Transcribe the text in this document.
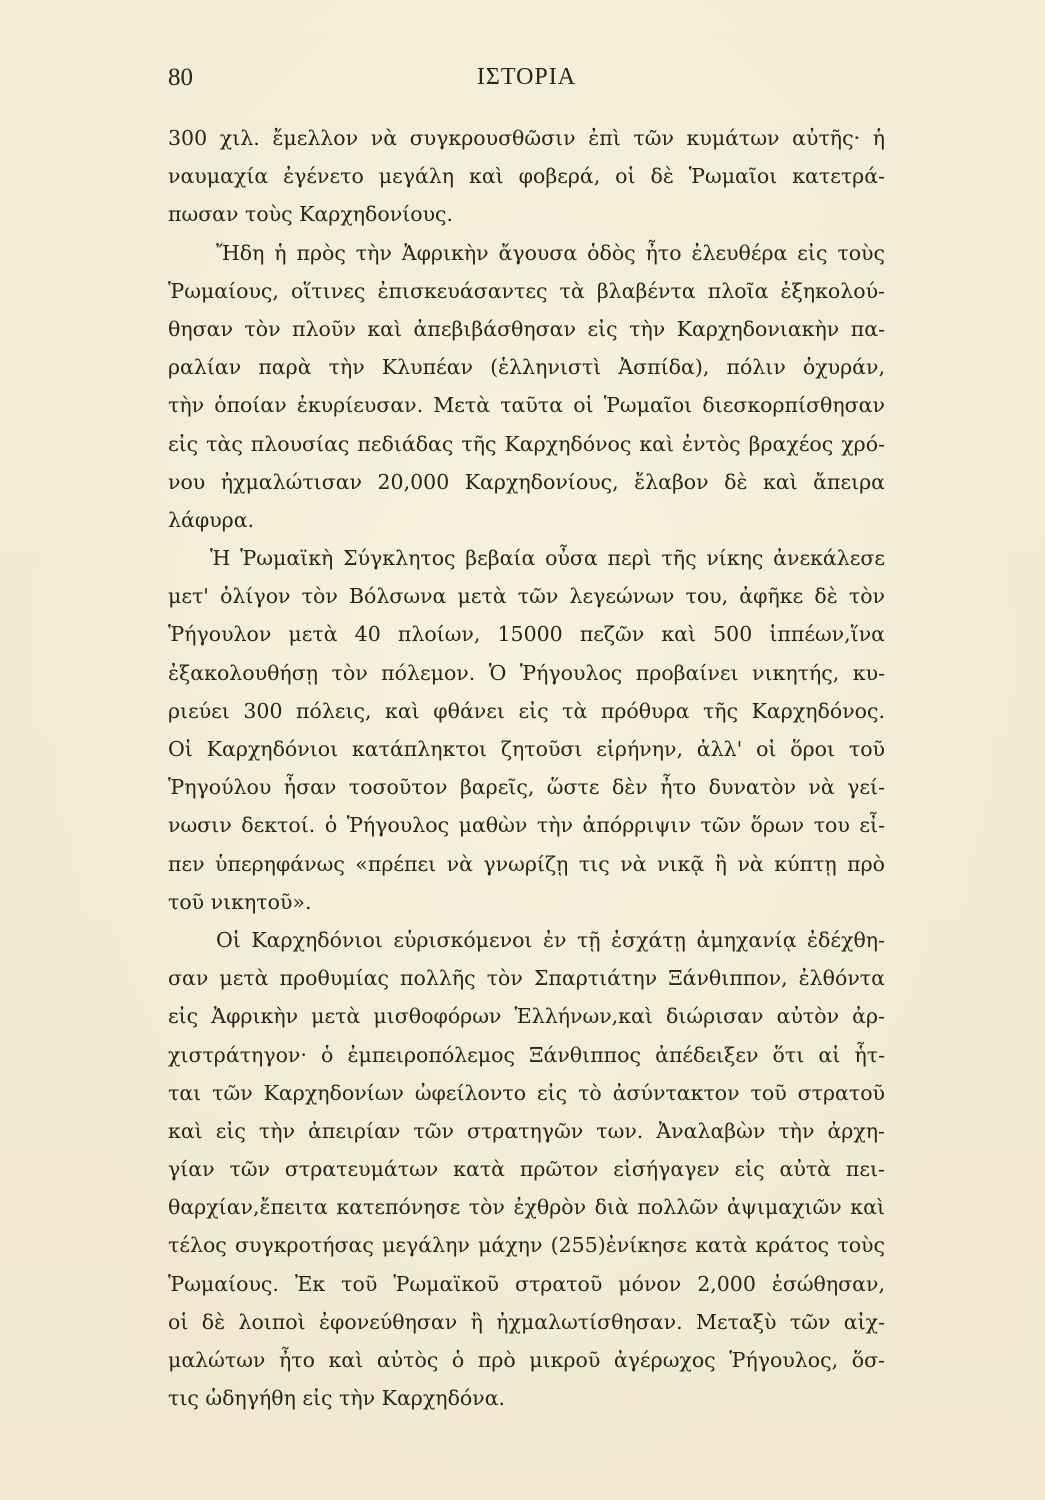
80	ΙΣΤΟΡΙΑ
300 χιλ. ἔμελλον νὰ συγκρουσθῶσιν ἐπὶ τῶν κυμάτων αὐτῆς· ἡ
ναυμαχία ἐγένετο μεγάλη καὶ φοβερά, οἱ δὲ Ῥωμαῖοι κατετρά-
πωσαν τοὺς Καρχηδονίους.
Ἤδη ἡ πρὸς τὴν Ἀφρικὴν ἄγουσα ὁδὸς ἦτο ἐλευθέρα εἰς τοὺς
Ῥωμαίους, οἵτινες ἐπισκευάσαντες τὰ βλαβέντα πλοῖα ἐξηκολού-
θησαν τὸν πλοῦν καὶ ἀπεβιβάσθησαν εἰς τὴν Καρχηδονιακὴν πα-
ραλίαν παρὰ τὴν Κλυπέαν (ἑλληνιστὶ Ἀσπίδα), πόλιν ὀχυράν,
τὴν ὁποίαν ἐκυρίευσαν. Μετὰ ταῦτα οἱ Ῥωμαῖοι διεσκορπίσθησαν
εἰς τὰς πλουσίας πεδιάδας τῆς Καρχηδόνος καὶ ἐντὸς βραχέος χρό-
νου ἠχμαλώτισαν 20,000 Καρχηδονίους, ἔλαβον δὲ καὶ ἄπειρα
λάφυρα.
Ἡ Ῥωμαϊκὴ Σύγκλητος βεβαία οὖσα περὶ τῆς νίκης ἀνεκάλεσε
μετ' ὀλίγον τὸν Βόλσωνα μετὰ τῶν λεγεώνων του, ἀφῆκε δὲ τὸν
Ῥήγουλον μετὰ 40 πλοίων, 15000 πεζῶν καὶ 500 ἱππέων,ἵνα
ἐξακολουθήσῃ τὸν πόλεμον. Ὁ Ῥήγουλος προβαίνει νικητής, κυ-
ριεύει 300 πόλεις, καὶ φθάνει εἰς τὰ πρόθυρα τῆς Καρχηδόνος.
Οἱ Καρχηδόνιοι κατάπληκτοι ζητοῦσι εἰρήνην, ἀλλ' οἱ ὅροι τοῦ
Ῥηγούλου ἦσαν τοσοῦτον βαρεῖς, ὥστε δὲν ἦτο δυνατὸν νὰ γεί-
νωσιν δεκτοί. ὁ Ῥήγουλος μαθὼν τὴν ἀπόρριψιν τῶν ὅρων του εἶ-
πεν ὑπερηφάνως «πρέπει νὰ γνωρίζῃ τις νὰ νικᾷ ἢ νὰ κύπτῃ πρὸ
τοῦ νικητοῦ».
Οἱ Καρχηδόνιοι εὑρισκόμενοι ἐν τῇ ἐσχάτῃ ἀμηχανίᾳ ἐδέχθη-
σαν μετὰ προθυμίας πολλῆς τὸν Σπαρτιάτην Ξάνθιππον, ἐλθόντα
εἰς Ἀφρικὴν μετὰ μισθοφόρων Ἑλλήνων,καὶ διώρισαν αὐτὸν ἀρ-
χιστράτηγον· ὁ ἐμπειροπόλεμος Ξάνθιππος ἀπέδειξεν ὅτι αἱ ἧτ-
ται τῶν Καρχηδονίων ὠφείλοντο εἰς τὸ ἀσύντακτον τοῦ στρατοῦ
καὶ εἰς τὴν ἀπειρίαν τῶν στρατηγῶν των. Ἀναλαβὼν τὴν ἀρχη-
γίαν τῶν στρατευμάτων κατὰ πρῶτον εἰσήγαγεν εἰς αὐτὰ πει-
θαρχίαν,ἔπειτα κατεπόνησε τὸν ἐχθρὸν διὰ πολλῶν ἀψιμαχιῶν καὶ
τέλος συγκροτήσας μεγάλην μάχην (255)ἐνίκησε κατὰ κράτος τοὺς
Ῥωμαίους. Ἐκ τοῦ Ῥωμαϊκοῦ στρατοῦ μόνον 2,000 ἐσώθησαν,
οἱ δὲ λοιποὶ ἐφονεύθησαν ἢ ἠχμαλωτίσθησαν. Μεταξὺ τῶν αἰχ-
μαλώτων ἦτο καὶ αὐτὸς ὁ πρὸ μικροῦ ἀγέρωχος Ῥήγουλος, ὅσ-
τις ὡδηγήθη εἰς τὴν Καρχηδόνα.
